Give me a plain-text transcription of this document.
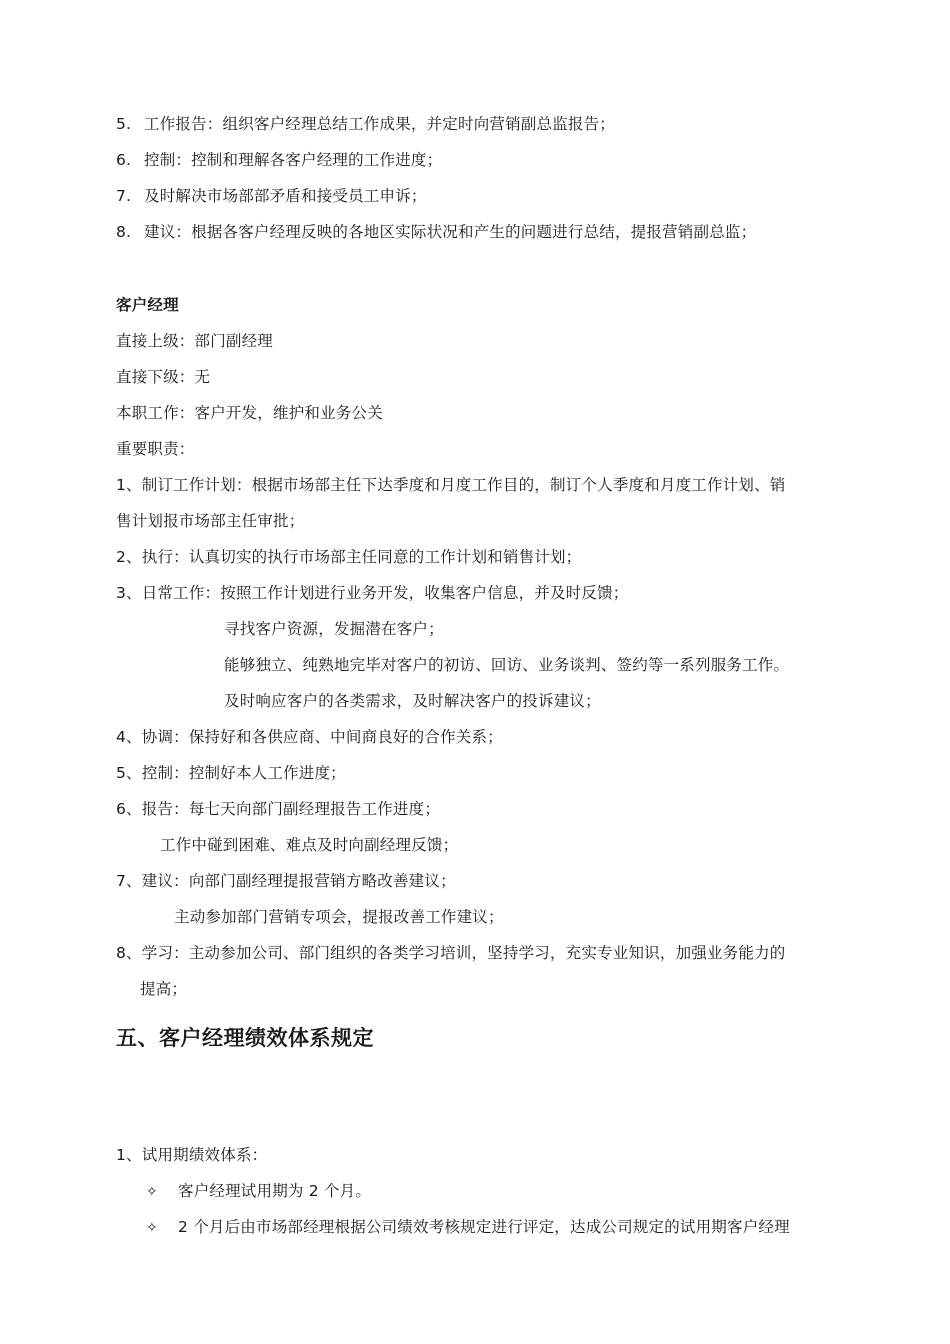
5. 工作报告：组织客户经理总结工作成果，并定时向营销副总监报告；
6. 控制：控制和理解各客户经理的工作进度；
7. 及时解决市场部部矛盾和接受员工申诉；
8. 建议：根据各客户经理反映的各地区实际状况和产生的问题进行总结，提报营销副总监；
客户经理
直接上级：部门副经理
直接下级：无
本职工作：客户开发，维护和业务公关
重要职责：
1、制订工作计划：根据市场部主任下达季度和月度工作目的，制订个人季度和月度工作计划、销
售计划报市场部主任审批；
2、执行：认真切实的执行市场部主任同意的工作计划和销售计划；
3、日常工作：按照工作计划进行业务开发，收集客户信息，并及时反馈；
寻找客户资源，发掘潜在客户；
能够独立、纯熟地完毕对客户的初访、回访、业务谈判、签约等一系列服务工作。
及时响应客户的各类需求，及时解决客户的投诉建议；
4、协调：保持好和各供应商、中间商良好的合作关系；
5、控制：控制好本人工作进度；
6、报告：每七天向部门副经理报告工作进度；
工作中碰到困难、难点及时向副经理反馈；
7、建议：向部门副经理提报营销方略改善建议；
主动参加部门营销专项会，提报改善工作建议；
8、学习：主动参加公司、部门组织的各类学习培训，坚持学习，充实专业知识，加强业务能力的
提高；
五、客户经理绩效体系规定
1、试用期绩效体系：
✧ 客户经理试用期为 2 个月。
✧ 2 个月后由市场部经理根据公司绩效考核规定进行评定，达成公司规定的试用期客户经理
